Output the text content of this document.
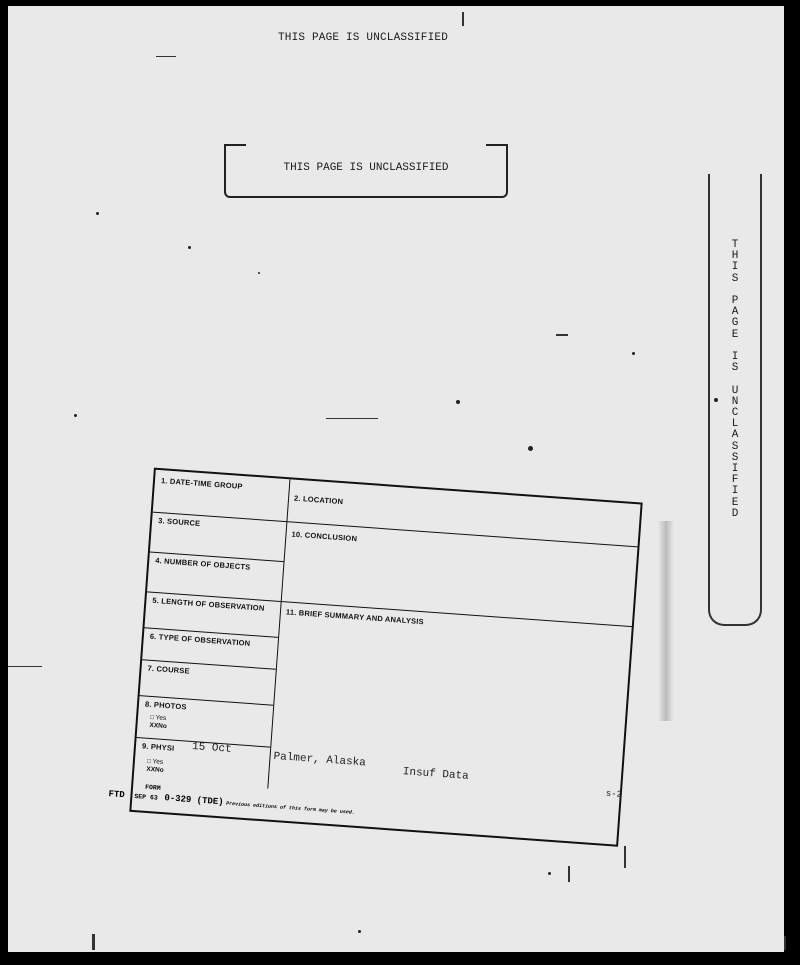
THIS PAGE IS UNCLASSIFIED
THIS PAGE IS UNCLASSIFIED
T
H
I
S

P
A
G
E

I
S

U
N
C
L
A
S
S
I
F
I
E
D
1. DATE-TIME GROUP
2. LOCATION
3. SOURCE
4. NUMBER OF OBJECTS
5. LENGTH OF OBSERVATION
6. TYPE OF OBSERVATION
7. COURSE
8. PHOTOS
□ Yes
XXNo
9. PHYSI
□ Yes
XXNo
10. CONCLUSION
11. BRIEF SUMMARY AND ANALYSIS
15 Oct
Palmer, Alaska
Insuf Data
s-2
FORM
FTD SEP 63 0-329 (TDE)
Previous editions of this form may be used.
